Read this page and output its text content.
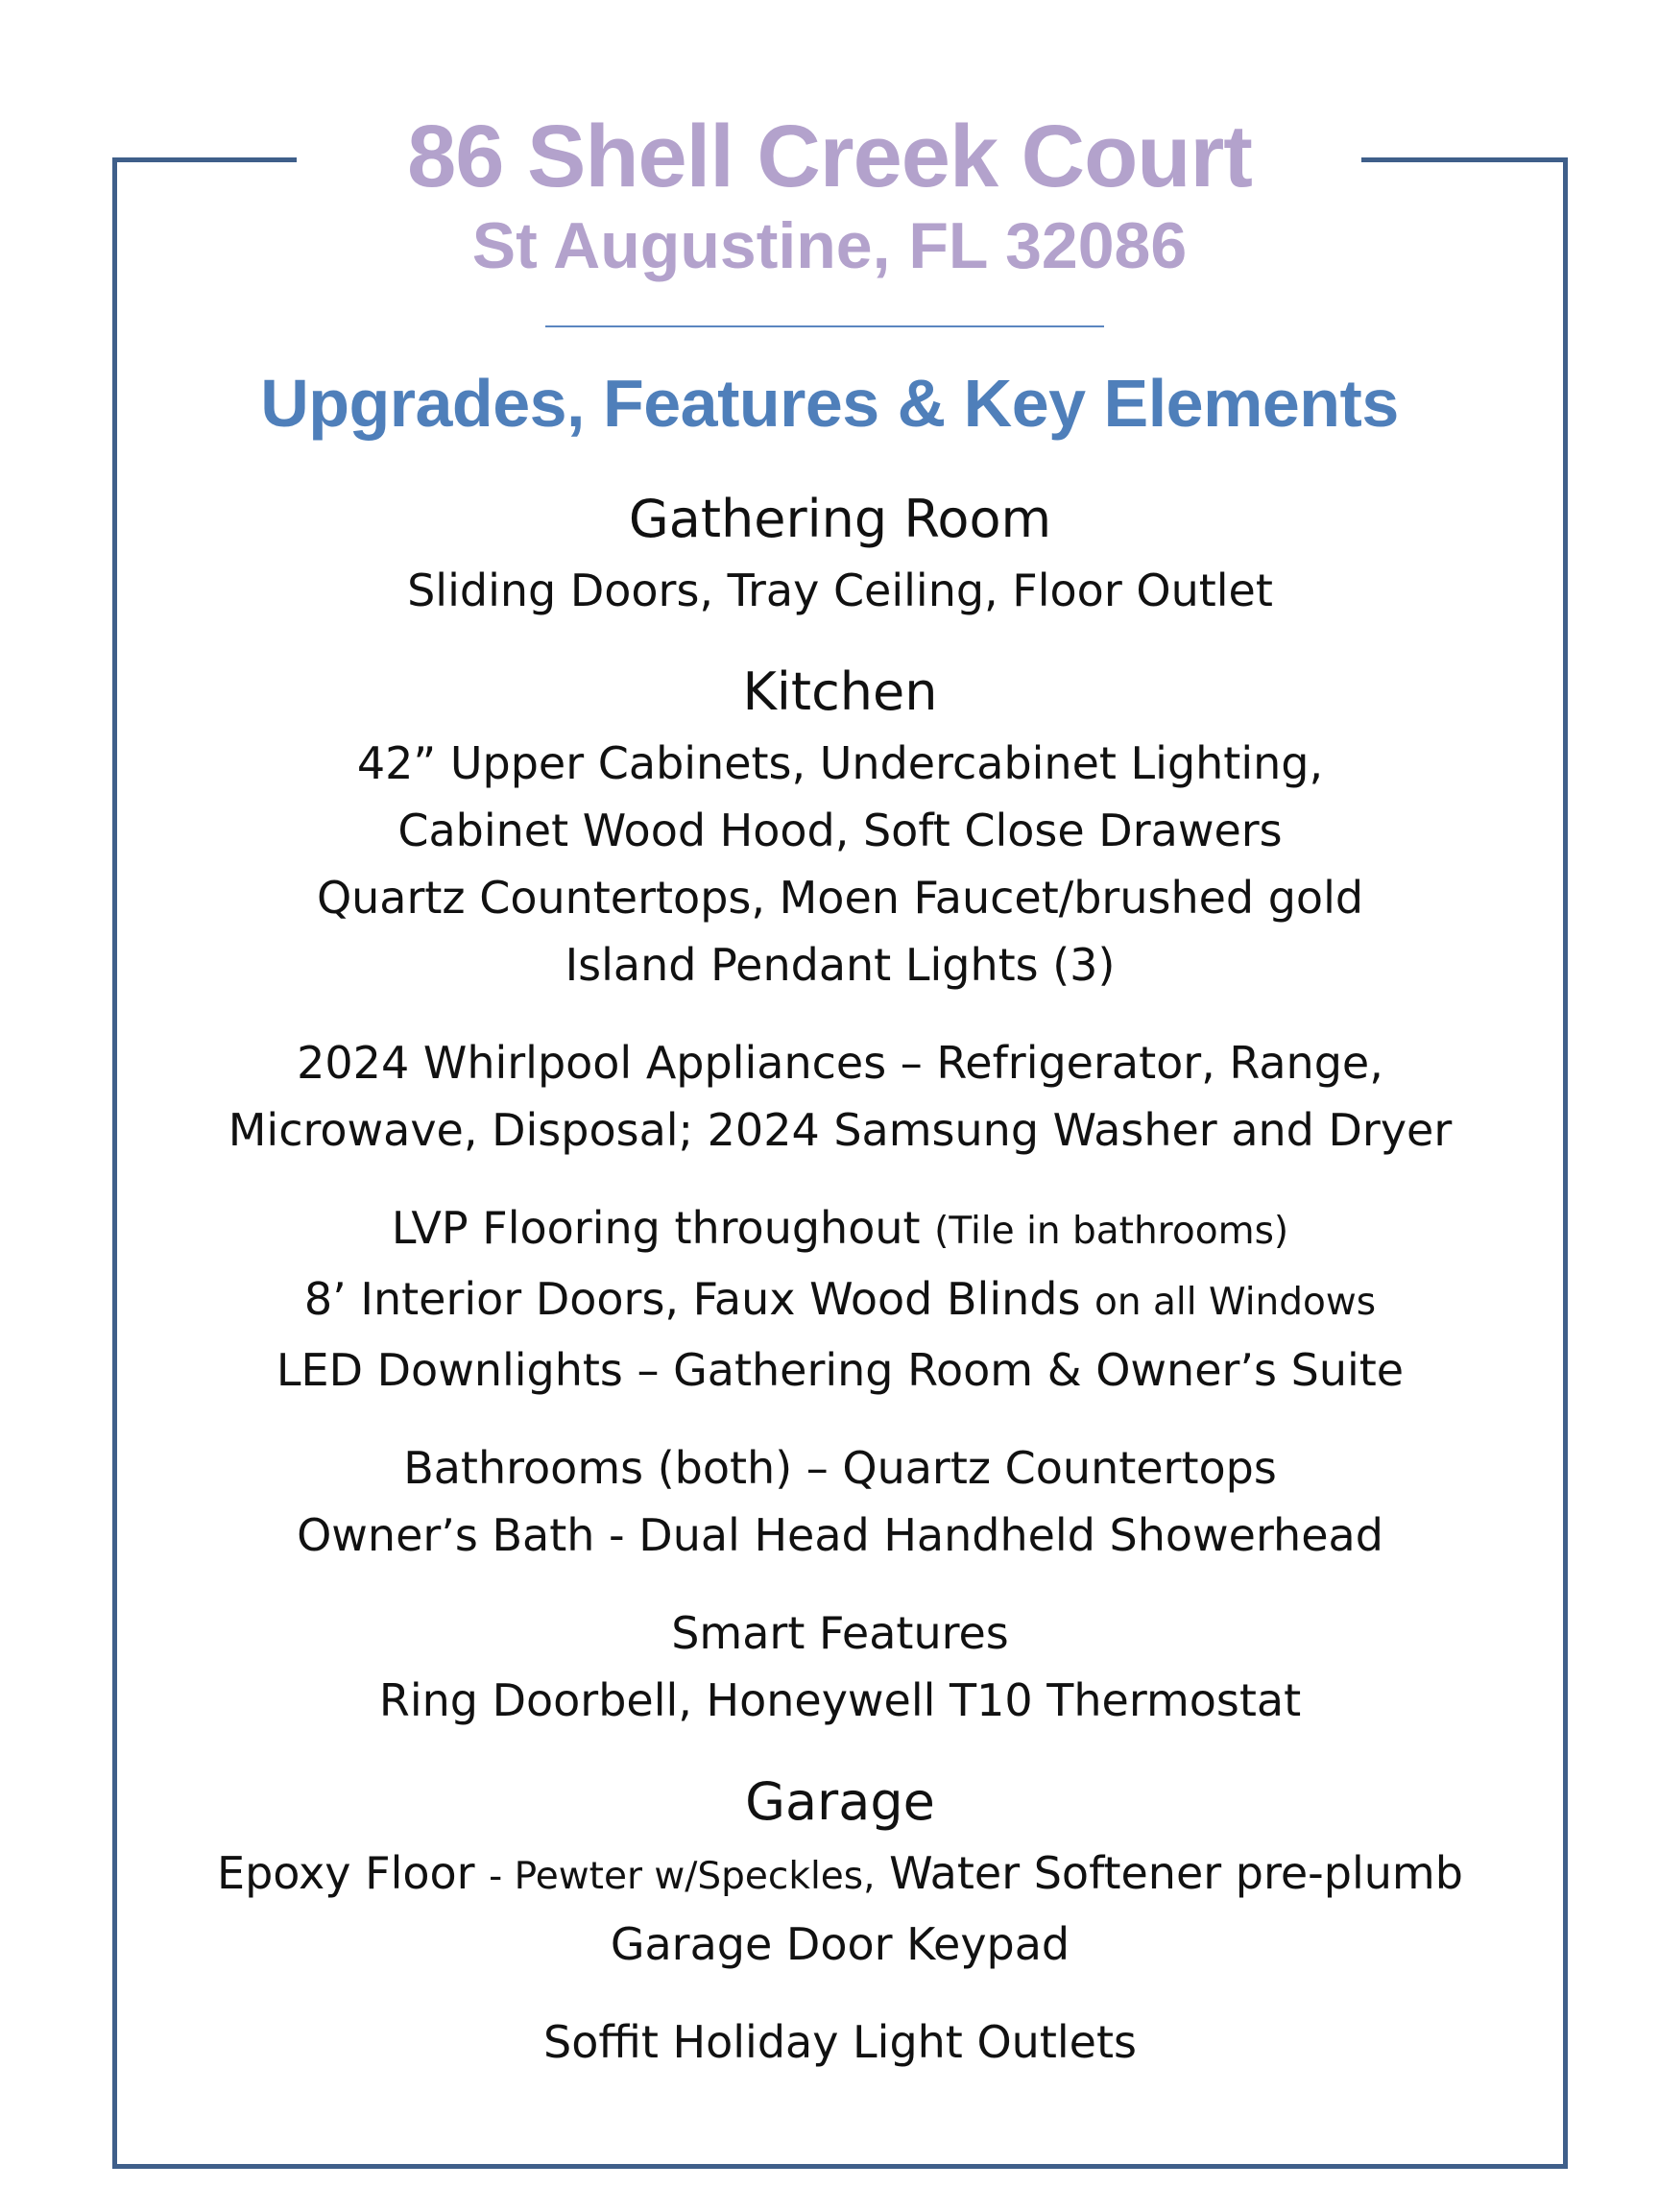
86 Shell Creek Court
St Augustine, FL 32086
Upgrades, Features & Key Elements
Gathering Room
Sliding Doors, Tray Ceiling, Floor Outlet
Kitchen
42” Upper Cabinets, Undercabinet Lighting,
Cabinet Wood Hood, Soft Close Drawers
Quartz Countertops, Moen Faucet/brushed gold
Island Pendant Lights (3)
2024 Whirlpool Appliances – Refrigerator, Range,
Microwave, Disposal; 2024 Samsung Washer and Dryer
LVP Flooring throughout (Tile in bathrooms)
8’ Interior Doors, Faux Wood Blinds on all Windows
LED Downlights – Gathering Room & Owner’s Suite
Bathrooms (both) – Quartz Countertops
Owner’s Bath - Dual Head Handheld Showerhead
Smart Features
Ring Doorbell, Honeywell T10 Thermostat
Garage
Epoxy Floor - Pewter w/Speckles, Water Softener pre-plumb
Garage Door Keypad
Soffit Holiday Light Outlets
